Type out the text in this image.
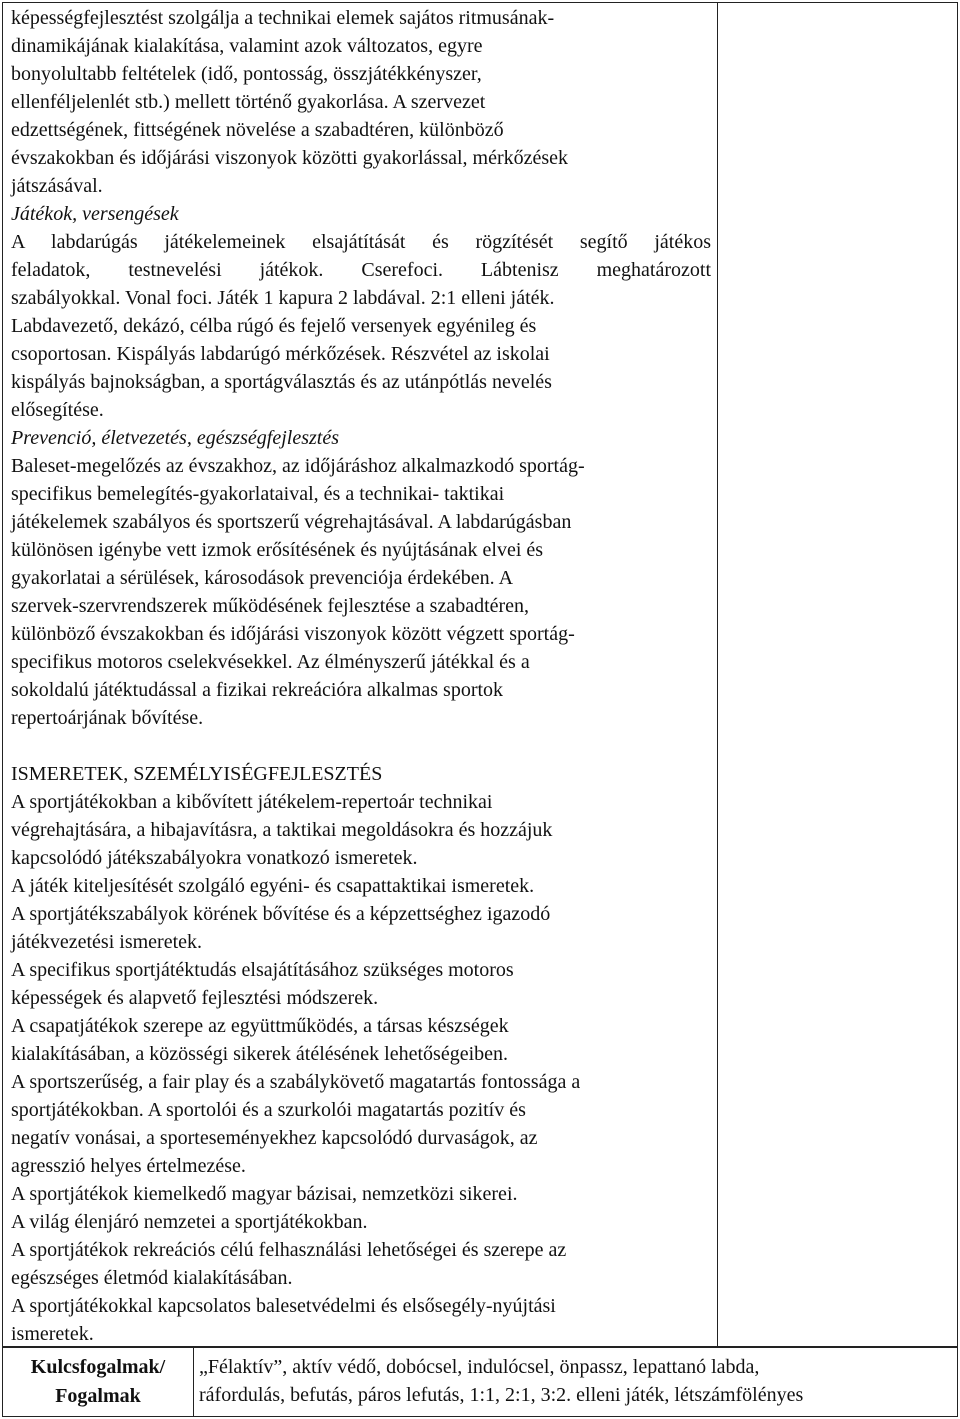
képességfejlesztést szolgálja a technikai elemek sajátos ritmusának-

dinamikájának kialakítása, valamint azok változatos, egyre

bonyolultabb feltételek (idő, pontosság, összjátékkényszer,

ellenféljelenlét stb.) mellett történő gyakorlása. A szervezet

edzettségének, fittségének növelése a szabadtéren, különböző

évszakokban és időjárási viszonyok közötti gyakorlással, mérkőzések

játszásával.

Játékok, versengések

A labdarúgás játékelemeinek elsajátítását és rögzítését segítő játékos

feladatok, testnevelési játékok. Cserefoci. Lábtenisz meghatározott

szabályokkal. Vonal foci. Játék 1 kapura 2 labdával. 2:1 elleni játék.

Labdavezető, dekázó, célba rúgó és fejelő versenyek egyénileg és

csoportosan. Kispályás labdarúgó mérkőzések. Részvétel az iskolai

kispályás bajnokságban, a sportágválasztás és az utánpótlás nevelés

elősegítése.

Prevenció, életvezetés, egészségfejlesztés

Baleset-megelőzés az évszakhoz, az időjáráshoz alkalmazkodó sportág-

specifikus bemelegítés-gyakorlataival, és a technikai- taktikai

játékelemek szabályos és sportszerű végrehajtásával. A labdarúgásban

különösen igénybe vett izmok erősítésének és nyújtásának elvei és

gyakorlatai a sérülések, károsodások prevenciója érdekében. A

szervek-szervrendszerek működésének fejlesztése a szabadtéren,

különböző évszakokban és időjárási viszonyok között végzett sportág-

specifikus motoros cselekvésekkel. Az élményszerű játékkal és a

sokoldalú játéktudással a fizikai rekreációra alkalmas sportok

repertoárjának bővítése.

ISMERETEK, SZEMÉLYISÉGFEJLESZTÉS

A sportjátékokban a kibővített játékelem-repertoár technikai

végrehajtására, a hibajavításra, a taktikai megoldásokra és hozzájuk

kapcsolódó játékszabályokra vonatkozó ismeretek.

A játék kiteljesítését szolgáló egyéni- és csapattaktikai ismeretek.

A sportjátékszabályok körének bővítése és a képzettséghez igazodó

játékvezetési ismeretek.

A specifikus sportjátéktudás elsajátításához szükséges motoros

képességek és alapvető fejlesztési módszerek.

A csapatjátékok szerepe az együttműködés, a társas készségek

kialakításában, a közösségi sikerek átélésének lehetőségeiben.

A sportszerűség, a fair play és a szabálykövető magatartás fontossága a

sportjátékokban. A sportolói és a szurkolói magatartás pozitív és

negatív vonásai, a sporteseményekhez kapcsolódó durvaságok, az

agresszió helyes értelmezése.

A sportjátékok kiemelkedő magyar bázisai, nemzetközi sikerei.

A világ élenjáró nemzetei a sportjátékokban.

A sportjátékok rekreációs célú felhasználási lehetőségei és szerepe az

egészséges életmód kialakításában.

A sportjátékokkal kapcsolatos balesetvédelmi és elsősegély-nyújtási

ismeretek.

Kulcsfogalmak/
Fogalmak
„Félaktív”, aktív védő, dobócsel, indulócsel, önpassz, lepattanó labda,
ráfordulás, befutás, páros lefutás, 1:1, 2:1, 3:2. elleni játék, létszámfölényes
